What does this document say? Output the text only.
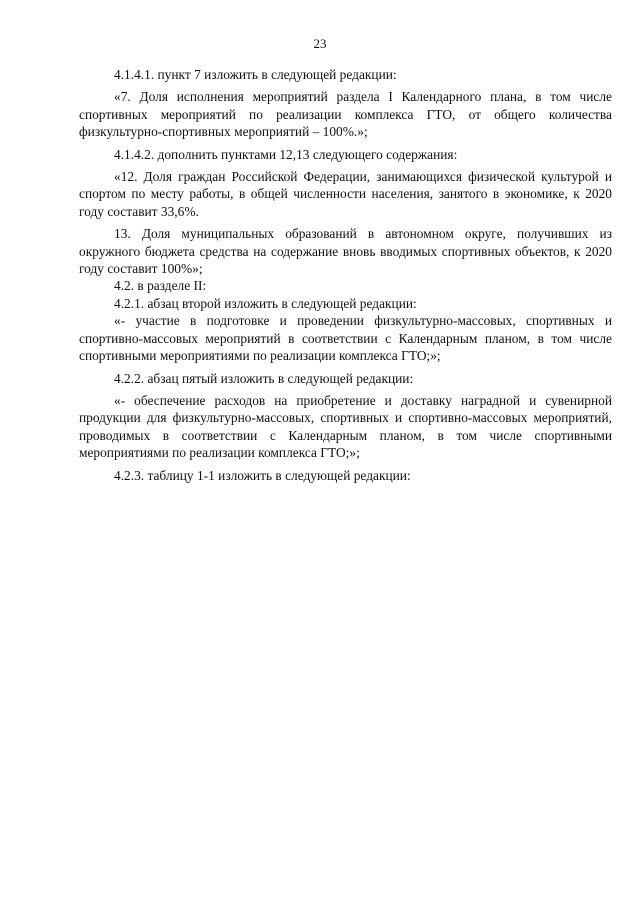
23

4.1.4.1. пункт 7 изложить в следующей редакции:

«7. Доля исполнения мероприятий раздела I Календарного плана, в том числе спортивных мероприятий по реализации комплекса ГТО, от общего количества физкультурно-спортивных мероприятий – 100%.»;

4.1.4.2. дополнить пунктами 12,13 следующего содержания:

«12. Доля граждан Российской Федерации, занимающихся физической культурой и спортом по месту работы, в общей численности населения, занятого в экономике, к 2020 году составит 33,6%.

13. Доля муниципальных образований в автономном округе, получивших из окружного бюджета средства на содержание вновь вводимых спортивных объектов, к 2020 году составит 100%»;

4.2. в разделе II:

4.2.1. абзац второй изложить в следующей редакции:

«- участие в подготовке и проведении физкультурно-массовых, спортивных и спортивно-массовых мероприятий в соответствии с Календарным планом, в том числе спортивными мероприятиями по реализации комплекса ГТО;»;

4.2.2. абзац пятый изложить в следующей редакции:

«- обеспечение расходов на приобретение и доставку наградной и сувенирной продукции для физкультурно-массовых, спортивных и спортивно-массовых мероприятий, проводимых в соответствии с Календарным планом, в том числе спортивными мероприятиями по реализации комплекса ГТО;»;

4.2.3. таблицу 1-1 изложить в следующей редакции:
